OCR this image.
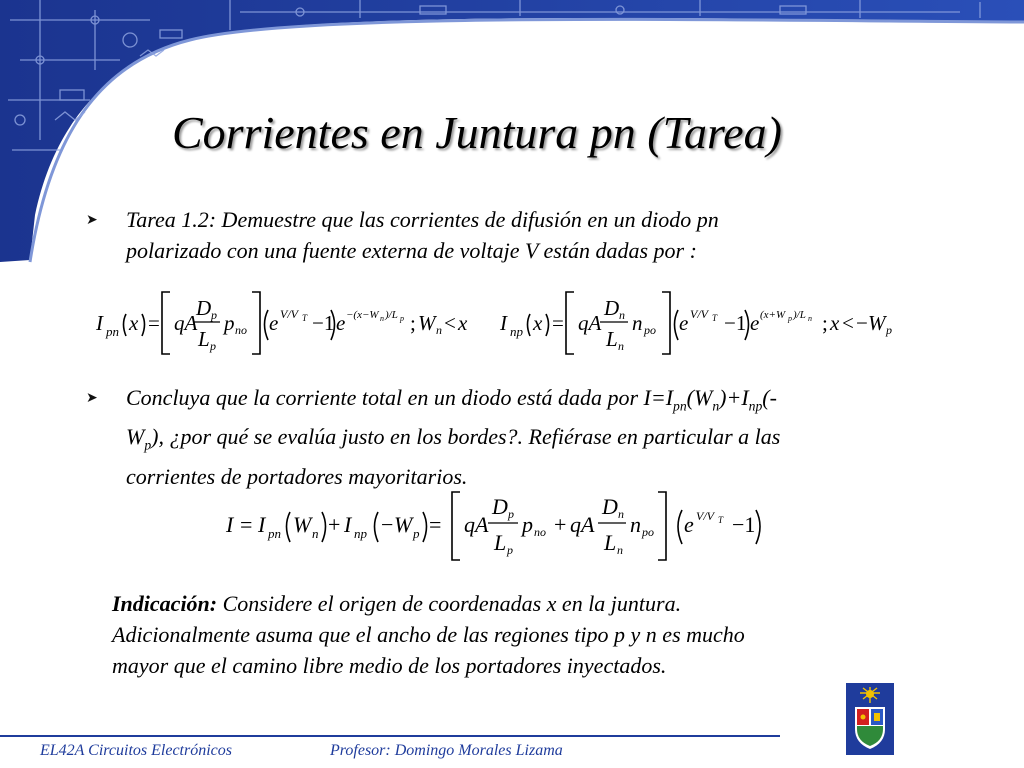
Corrientes en Juntura pn (Tarea)
➤ Tarea 1.2: Demuestre que las corrientes de difusión en un diodo pn
polarizado con una fuente externa de voltaje V están dadas por :
I pn x = qA
D p
L p
p no e V/V T −1 e −(x−W n )/L p ; W n < x I np x = qA
D n
L n
n po e V/V T −1 e (x+W p )/L n ; x < − W p
➤ Concluya que la corriente total en un diodo está dada por $I=I_{pn}(W_n)+I_{np}(-$
$W_p$), ¿por qué se evalúa justo en los bordes?. Refiérase en particular a las
corrientes de portadores mayoritarios.
I = I pn W n + I np − W p = qA
D p
L p
p no + qA
D n
L n
n po e V/V T −1
Indicación: Considere el origen de coordenadas x en la juntura.
Adicionalmente asuma que el ancho de las regiones tipo p y n es mucho
mayor que el camino libre medio de los portadores inyectados.
EL42A Circuitos Electrónicos	Profesor: Domingo Morales Lizama
